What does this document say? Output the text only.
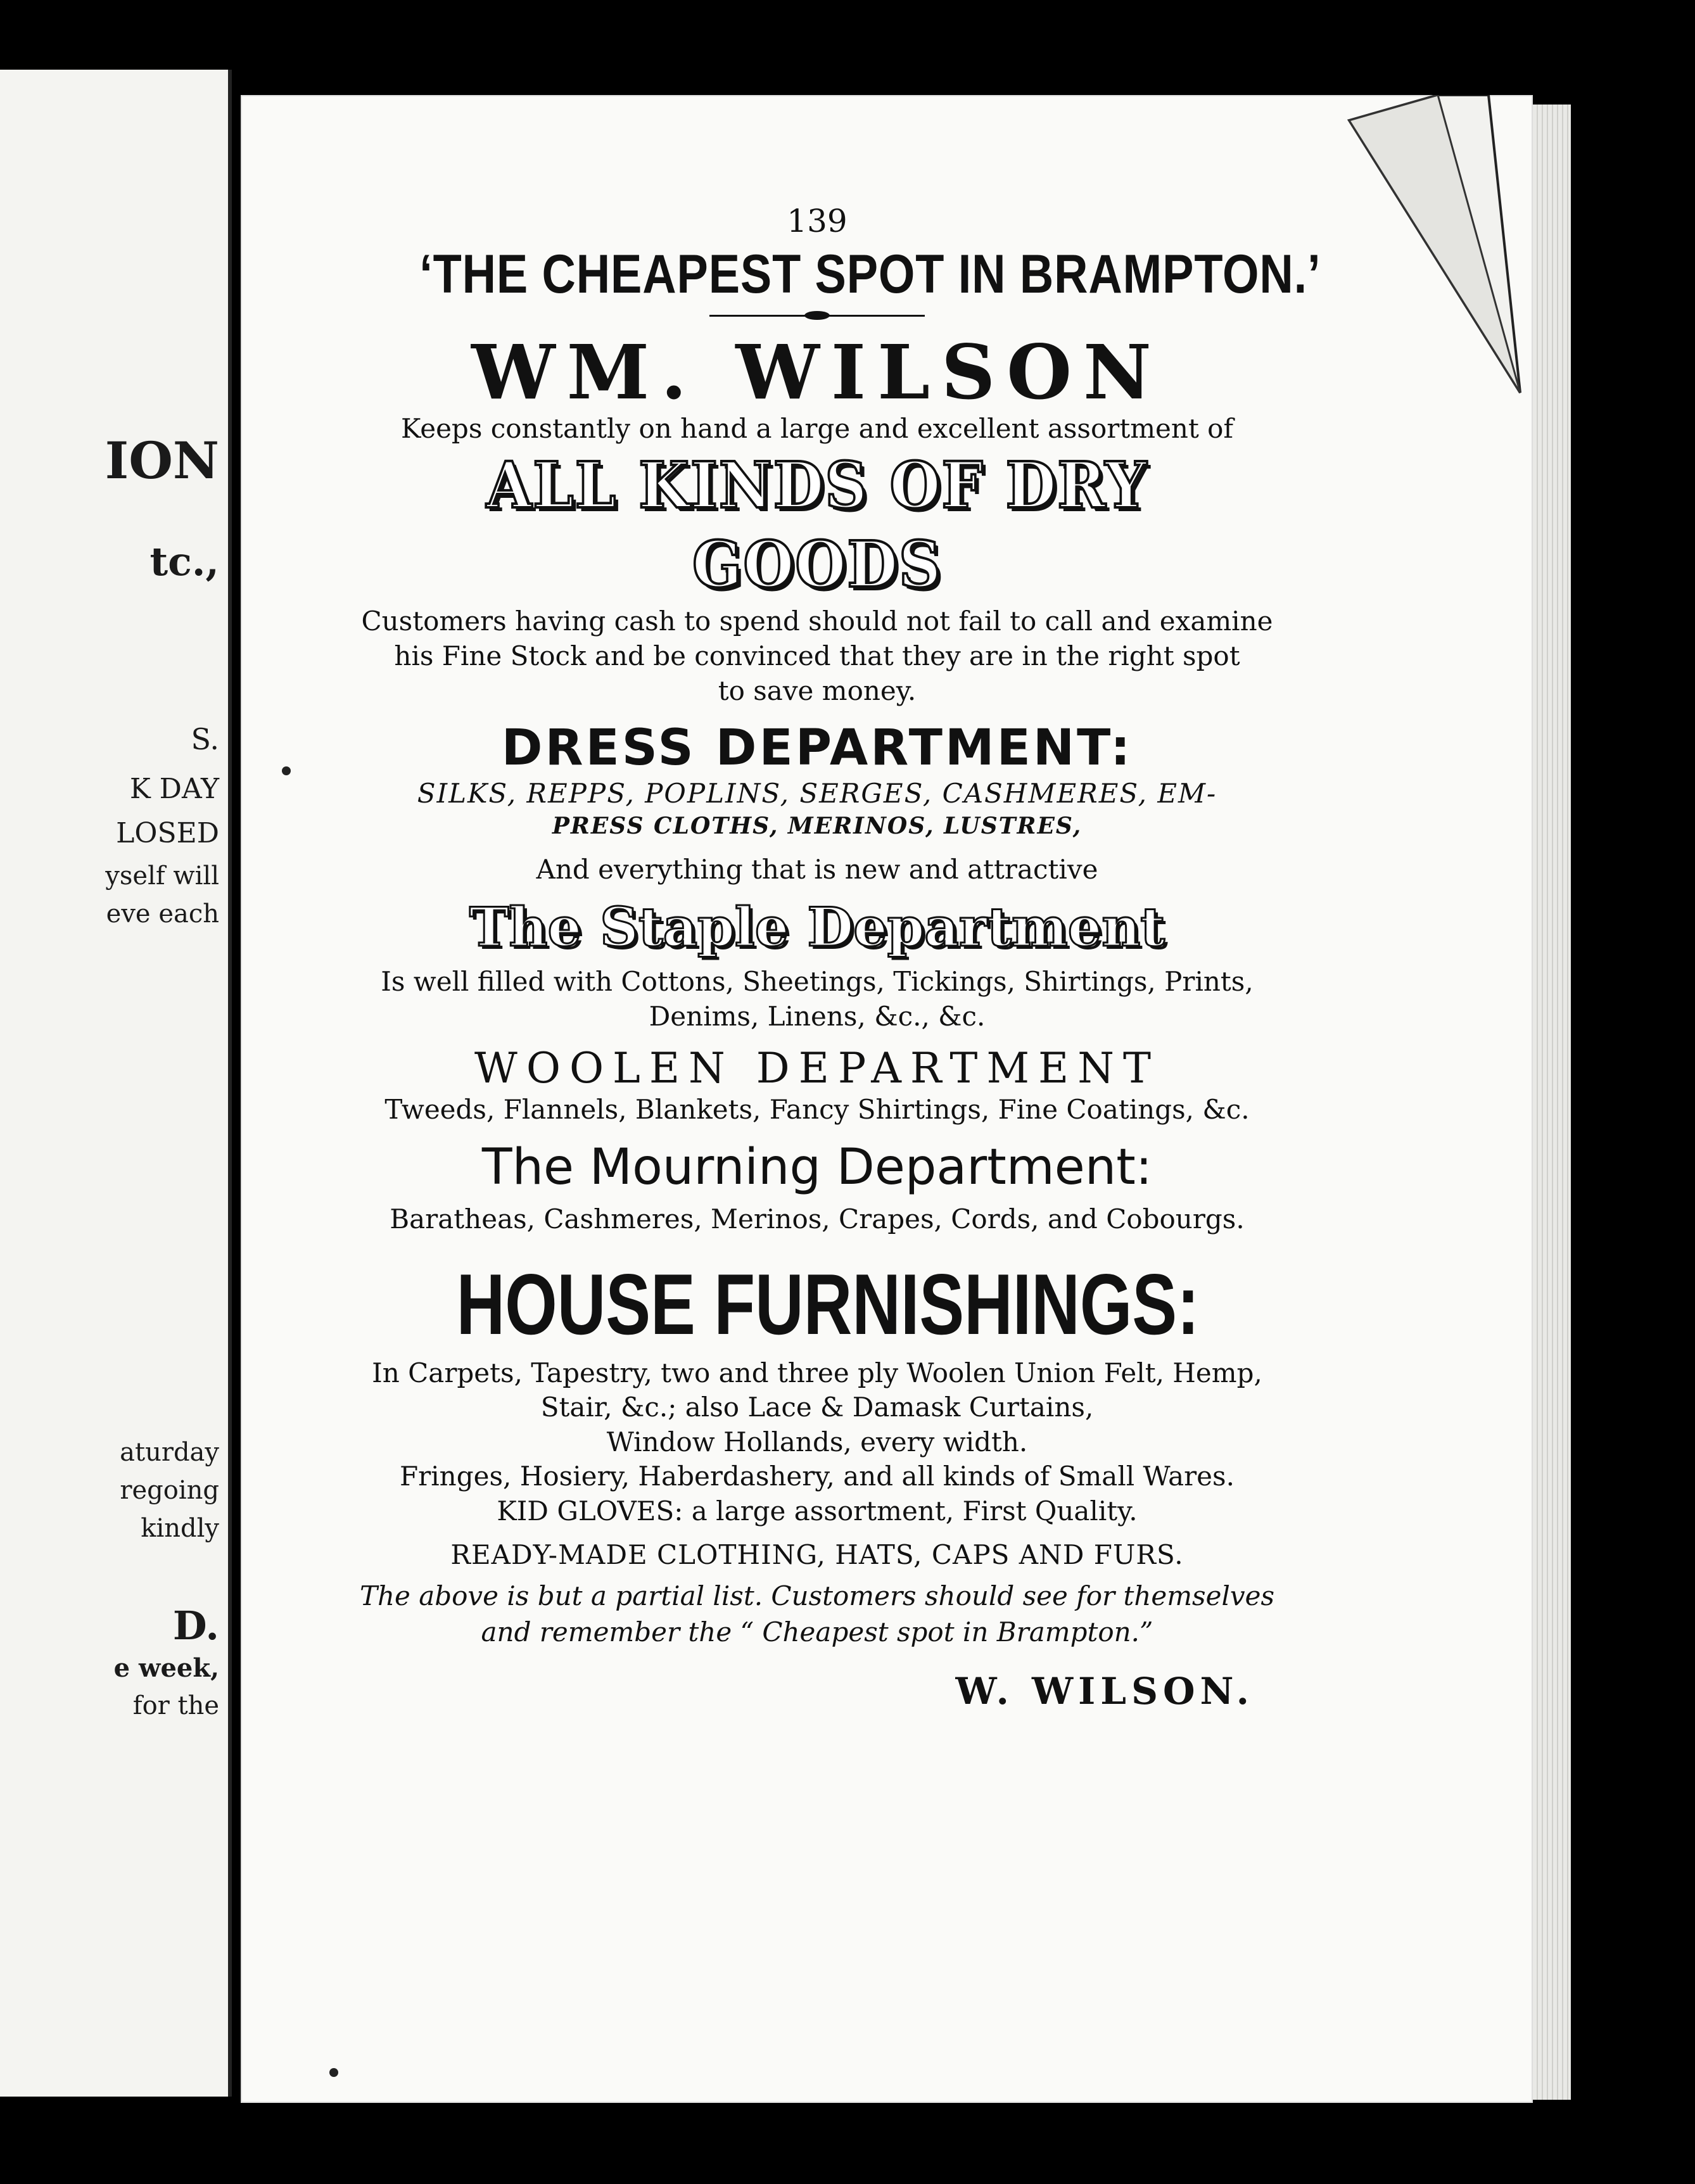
ION
tc.,
S.
K DAY
LOSED
yself will
eve each
aturday
regoing
kindly
D.
e week,
for the
139
‘THE CHEAPEST SPOT IN BRAMPTON.’
WM. WILSON
Keeps constantly on hand a large and excellent assortment of
ALL KINDS OF DRY GOODS
Customers having cash to spend should not fail to call and examine
his Fine Stock and be convinced that they are in the right spot
to save money.
DRESS DEPARTMENT:
SILKS, REPPS, POPLINS, SERGES, CASHMERES, EM-
PRESS CLOTHS, MERINOS, LUSTRES,
And everything that is new and attractive
The Staple Department
Is well filled with Cottons, Sheetings, Tickings, Shirtings, Prints,
Denims, Linens, &c., &c.
WOOLEN DEPARTMENT
Tweeds, Flannels, Blankets, Fancy Shirtings, Fine Coatings, &c.
The Mourning Department:
Baratheas, Cashmeres, Merinos, Crapes, Cords, and Cobourgs.
HOUSE FURNISHINGS:
In Carpets, Tapestry, two and three ply Woolen Union Felt, Hemp,
Stair, &c.; also Lace & Damask Curtains,
Window Hollands, every width.
Fringes, Hosiery, Haberdashery, and all kinds of Small Wares.
KID GLOVES: a large assortment, First Quality.
READY-MADE CLOTHING, HATS, CAPS AND FURS.
The above is but a partial list. Customers should see for themselves
and remember the “ Cheapest spot in Brampton.”
W. WILSON.
